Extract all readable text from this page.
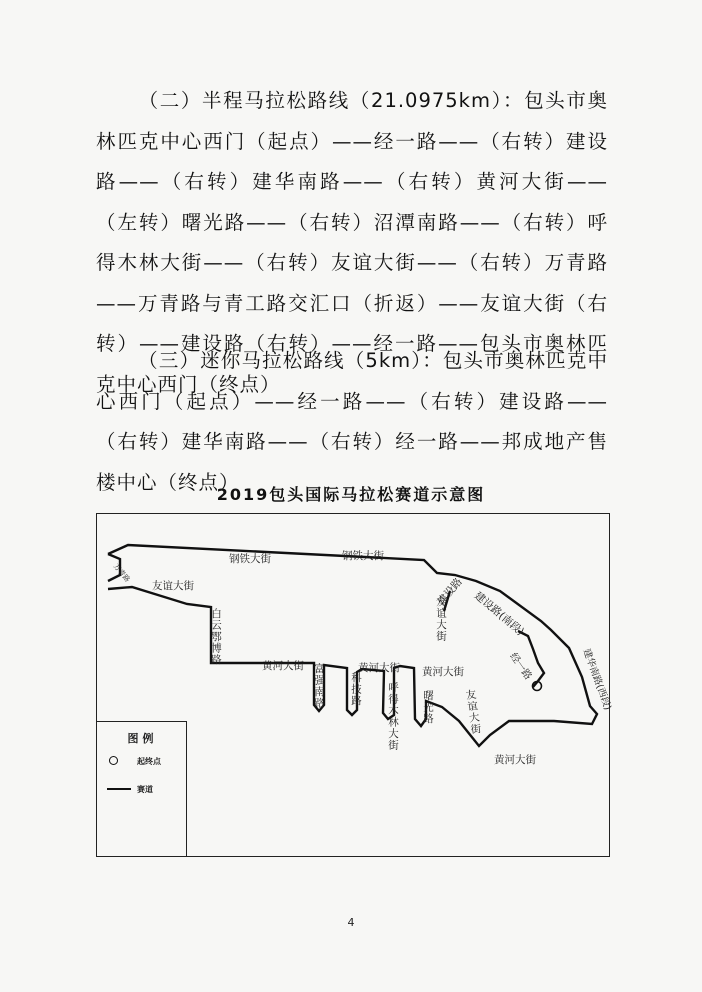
（二）半程马拉松路线（21.0975km）：包头市奥林匹克中心西门（起点）——经一路——（右转）建设路——（右转）建华南路——（右转）黄河大街——（左转）曙光路——（右转）沼潭南路——（右转）呼得木林大街——（右转）友谊大街——（右转）万青路——万青路与青工路交汇口（折返）——友谊大街（右转）——建设路（右转）——经一路——包头市奥林匹克中心西门（终点）
（三）迷你马拉松路线（5km）：包头市奥林匹克中心西门（起点）——经一路——（右转）建设路——（右转）建华南路——（右转）经一路——邦成地产售楼中心（终点）
2019包头国际马拉松赛道示意图
钢铁大街	钢铁大街
友谊大街
万青路
白云鄂博路
黄河大街	黄河大街 黄河大街
黄河大街
富强南路 科技路 呼得木林大街 曙光路	友谊大街
建设路
友谊大街 建设路(南段)
经一路	建华南路(西段)
图例
起终点
赛道
4
